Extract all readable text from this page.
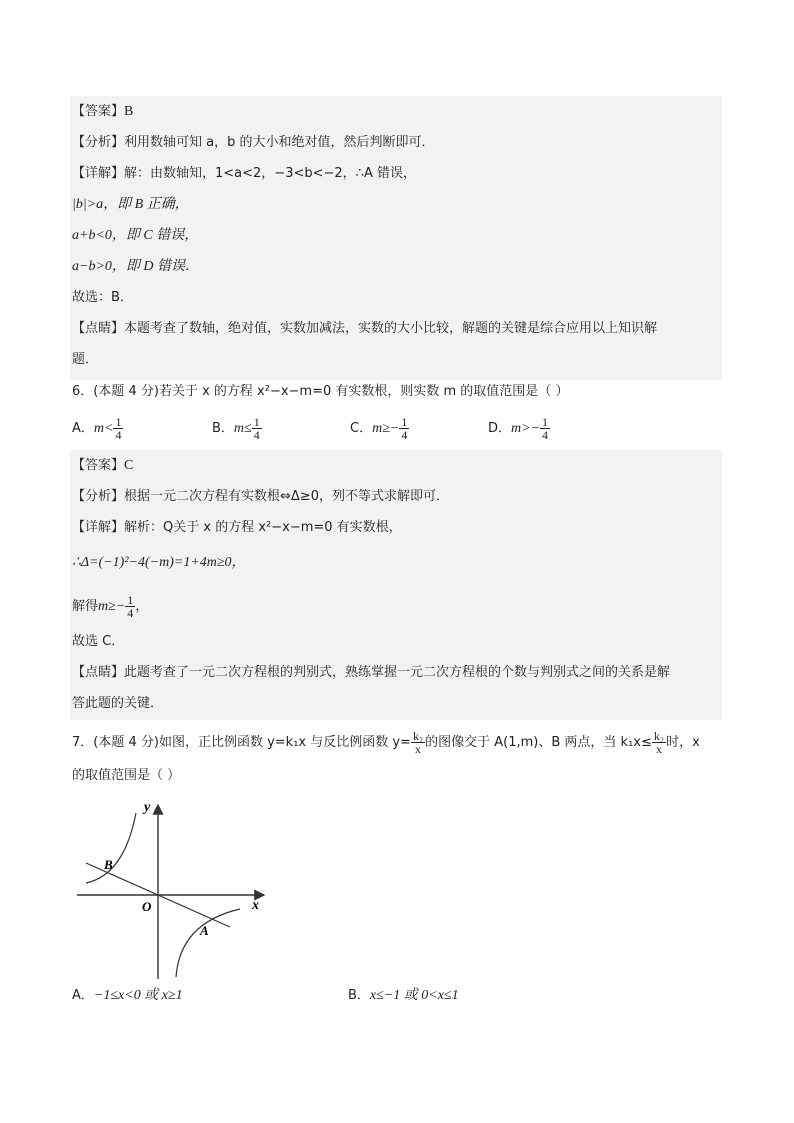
【答案】B
【分析】利用数轴可知 a，b 的大小和绝对值，然后判断即可．
【详解】解：由数轴知，1<a<2，−3<b<−2，∴A 错误，
|b|>a，即 B 正确，
a+b<0，即 C 错误，
a−b>0，即 D 错误．
故选：B．
【点睛】本题考查了数轴，绝对值，实数加减法，实数的大小比较，解题的关键是综合应用以上知识解
题．
6．(本题 4 分)若关于 x 的方程 x²−x−m=0 有实数根，则实数 m 的取值范围是（ ）
A．$m< \frac{1}{4}$	B．$m\le \frac{1}{4}$	C．$m\ge- \frac{1}{4}$	D．$m>- \frac{1}{4}$
【答案】C
【分析】根据一元二次方程有实数根⇔Δ≥0，列不等式求解即可．
【详解】解析：Q关于 x 的方程 x²−x−m=0 有实数根，
∴Δ=(−1)²−4(−m)=1+4m≥0，
解得$m\ge- \frac{1}{4}$ ，
故选 C．
【点睛】此题考查了一元二次方程根的判别式，熟练掌握一元二次方程根的个数与判别式之间的关系是解
答此题的关键．
7．(本题 4 分)如图，正比例函数 y=k₁x 与反比例函数 $y= \frac{\text{k₂}}{x}$ 的图像交于 A(1,m)、B 两点，当 $k_1x\le \frac{\text{k₂}}{x}$ 时，x
的取值范围是（ ）
y
x
O
A
B
A．−1≤x<0 或 x≥1	B．x≤−1 或 0<x≤1
